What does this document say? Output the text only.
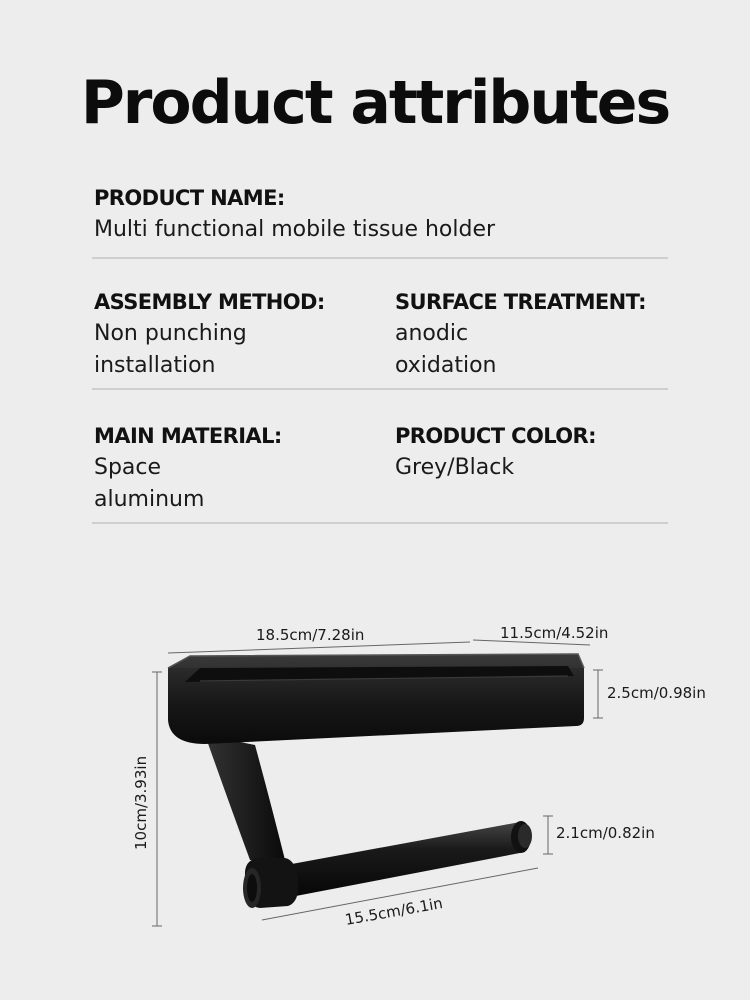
Product attributes
PRODUCT NAME:
Multi functional mobile tissue holder
ASSEMBLY METHOD:
Non punching
installation
SURFACE TREATMENT:
anodic
oxidation
MAIN MATERIAL:
Space
aluminum
PRODUCT COLOR:
Grey/Black
18.5cm/7.28in	11.5cm/4.52in
2.5cm/0.98in
2.1cm/0.82in
10cm/3.93in
15.5cm/6.1in
